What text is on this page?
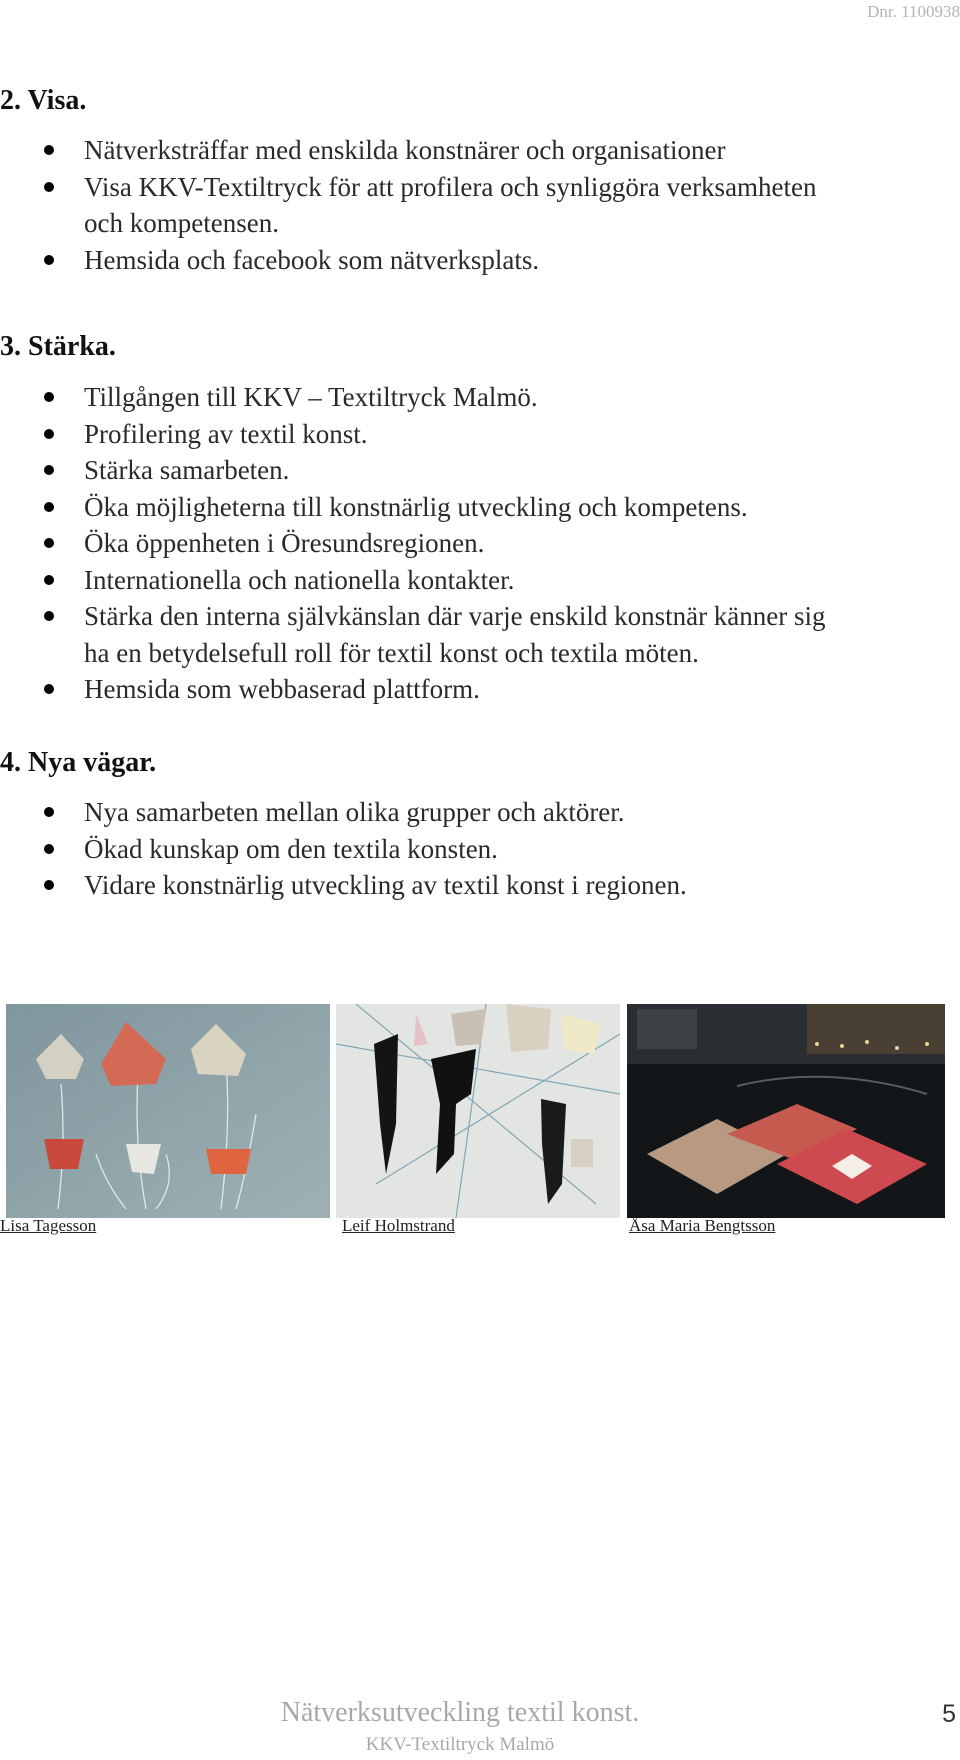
Dnr. 1100938
2. Visa.
Nätverksträffar med enskilda konstnärer och organisationer
Visa KKV-Textiltryck för att profilera och synliggöra verksamheten
och kompetensen.
Hemsida och facebook som nätverksplats.
3. Stärka.
Tillgången till KKV – Textiltryck Malmö.
Profilering av textil konst.
Stärka samarbeten.
Öka möjligheterna till konstnärlig utveckling och kompetens.
Öka öppenheten i Öresundsregionen.
Internationella och nationella kontakter.
Stärka den interna självkänslan där varje enskild konstnär känner sig
ha en betydelsefull roll för textil konst och textila möten.
Hemsida som webbaserad plattform.
4. Nya vägar.
Nya samarbeten mellan olika grupper och aktörer.
Ökad kunskap om den textila konsten.
Vidare konstnärlig utveckling av textil konst i regionen.
Lisa Tagesson	Leif Holmstrand	Åsa Maria Bengtsson
Nätverksutveckling textil konst.
KKV-Textiltryck Malmö
5
